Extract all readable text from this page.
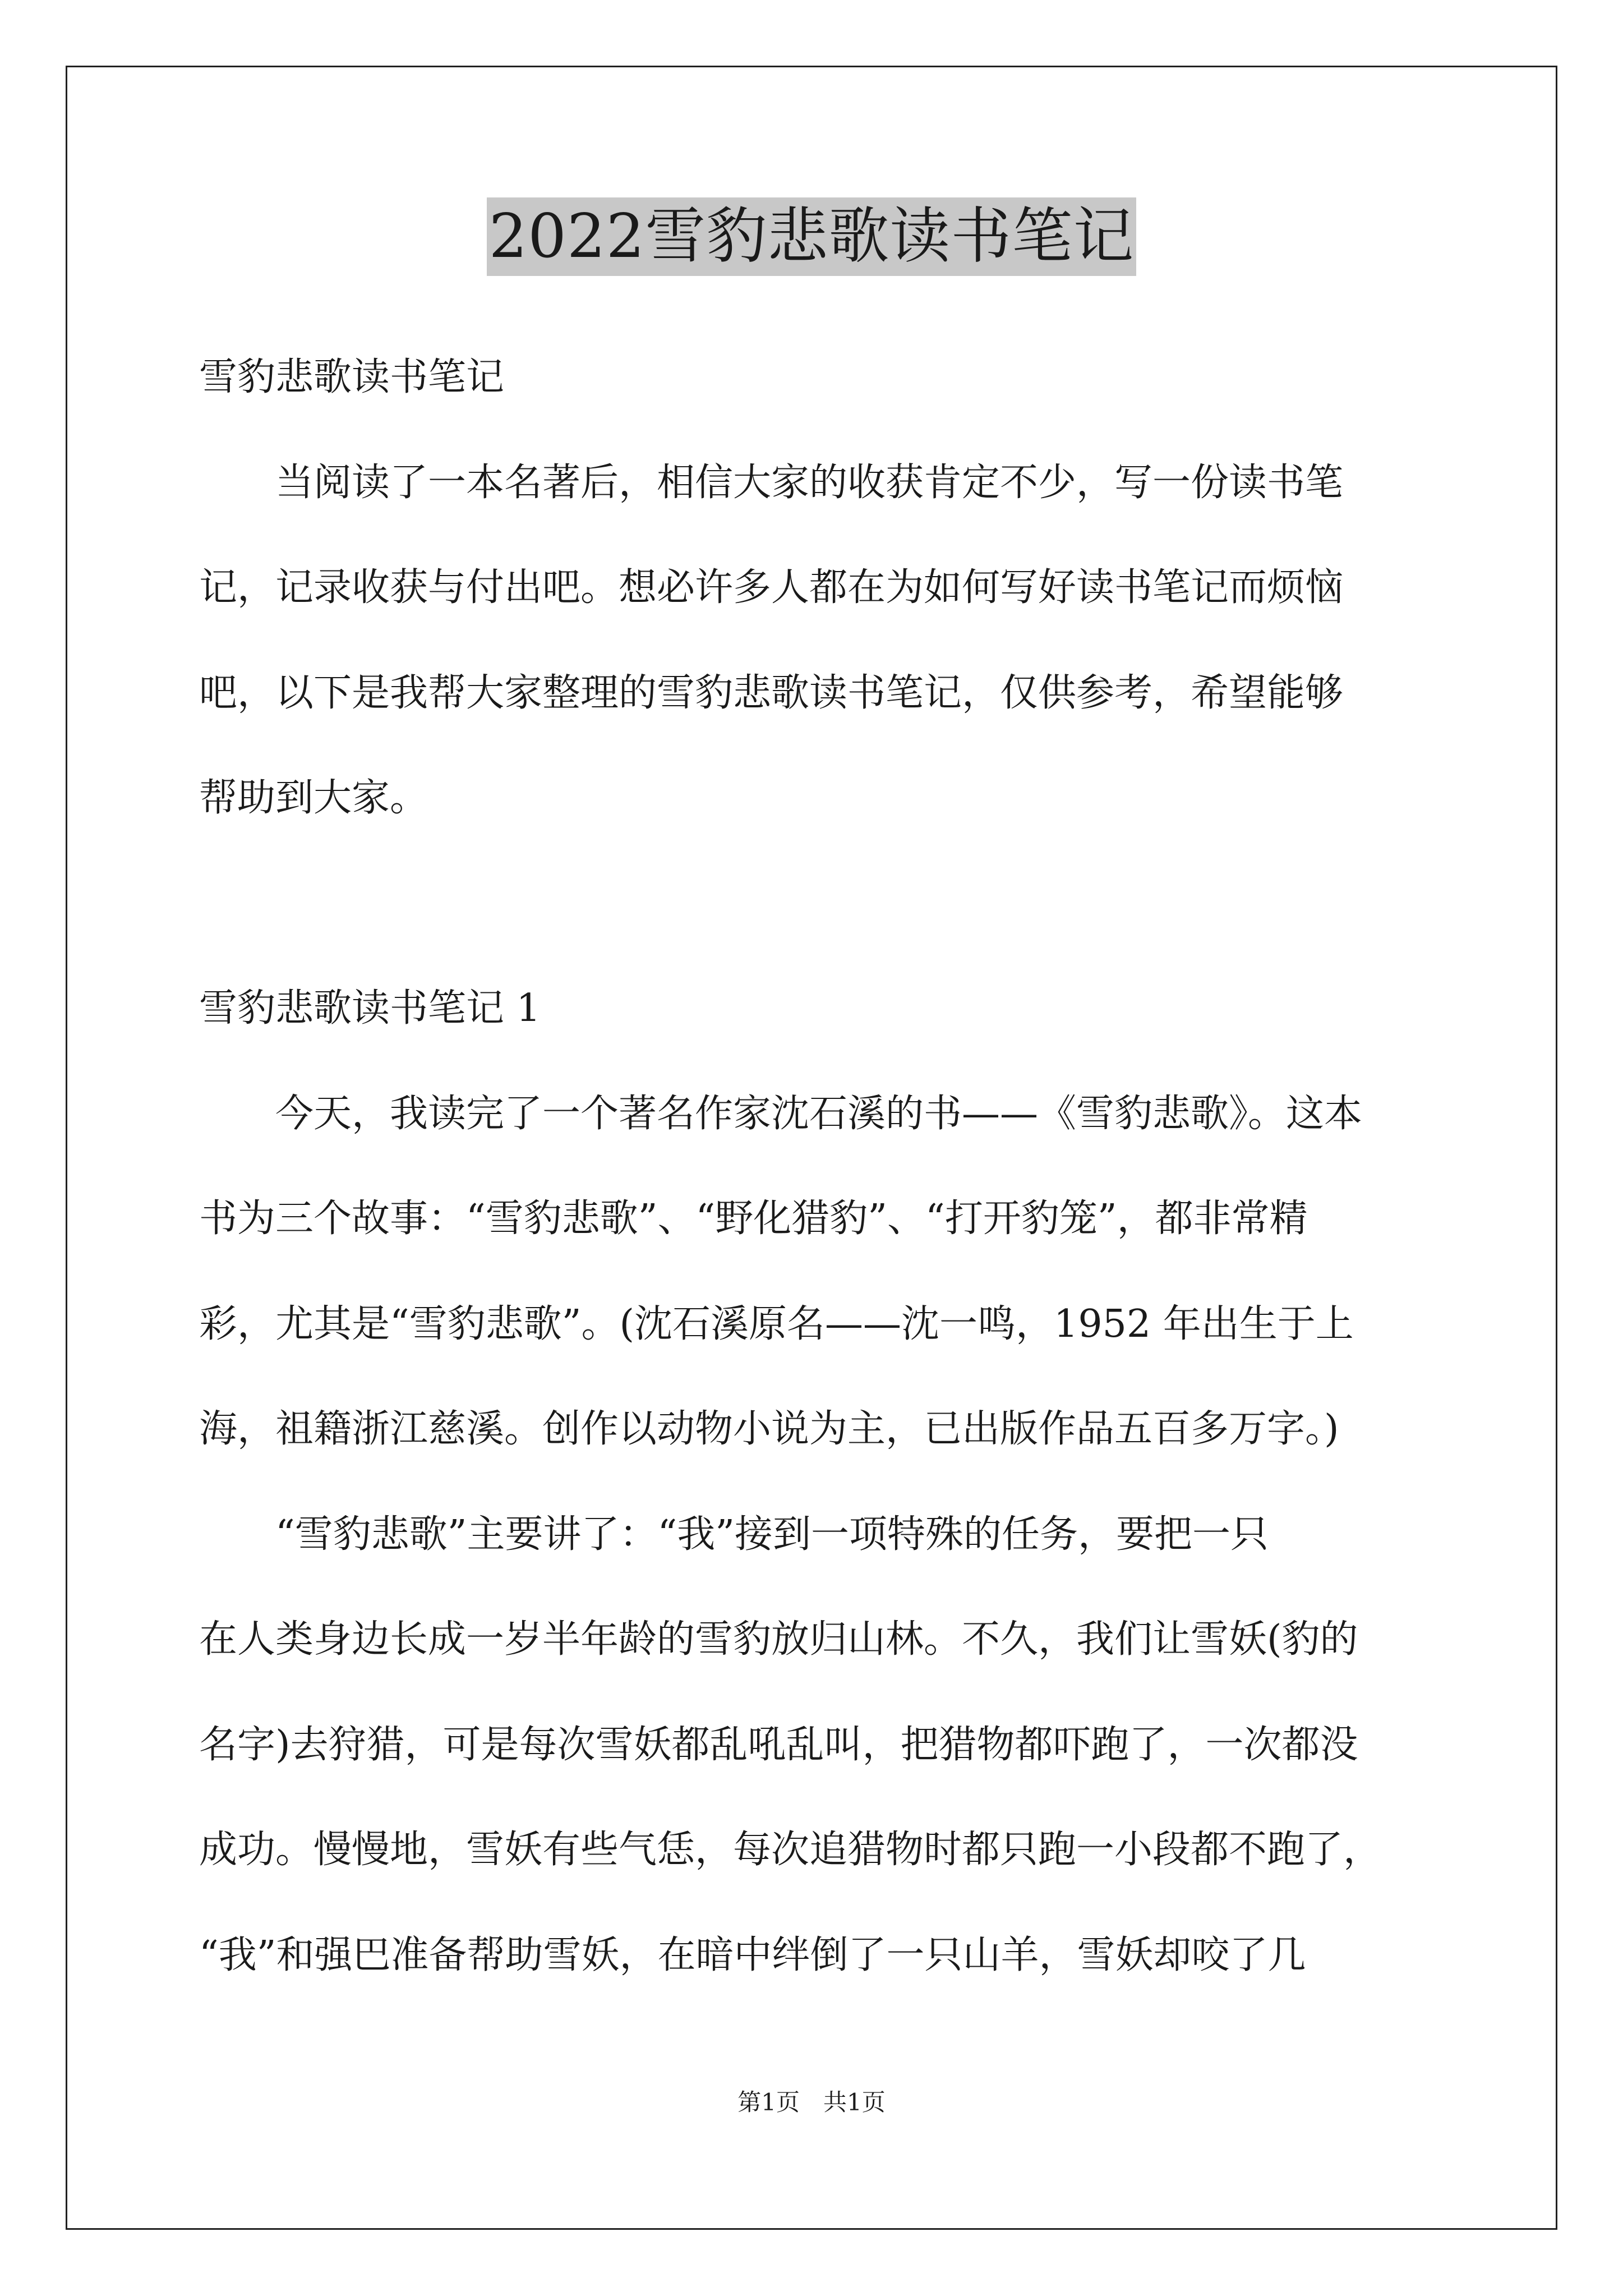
2022雪豹悲歌读书笔记
雪豹悲歌读书笔记
　　当阅读了一本名著后，相信大家的收获肯定不少，写一份读书笔
记，记录收获与付出吧。想必许多人都在为如何写好读书笔记而烦恼
吧，以下是我帮大家整理的雪豹悲歌读书笔记，仅供参考，希望能够
帮助到大家。
雪豹悲歌读书笔记 1
　　今天，我读完了一个著名作家沈石溪的书——《雪豹悲歌》。这本
书为三个故事：“雪豹悲歌”、“野化猎豹”、“打开豹笼”，都非常精
彩，尤其是“雪豹悲歌”。(沈石溪原名——沈一鸣，1952 年出生于上
海，祖籍浙江慈溪。创作以动物小说为主，已出版作品五百多万字。)
　　“雪豹悲歌”主要讲了：“我”接到一项特殊的任务，要把一只
在人类身边长成一岁半年龄的雪豹放归山林。不久，我们让雪妖(豹的
名字)去狩猎，可是每次雪妖都乱吼乱叫，把猎物都吓跑了，一次都没
成功。慢慢地，雪妖有些气恁，每次追猎物时都只跑一小段都不跑了，
“我”和强巴准备帮助雪妖，在暗中绊倒了一只山羊，雪妖却咬了几
第1页　共1页
